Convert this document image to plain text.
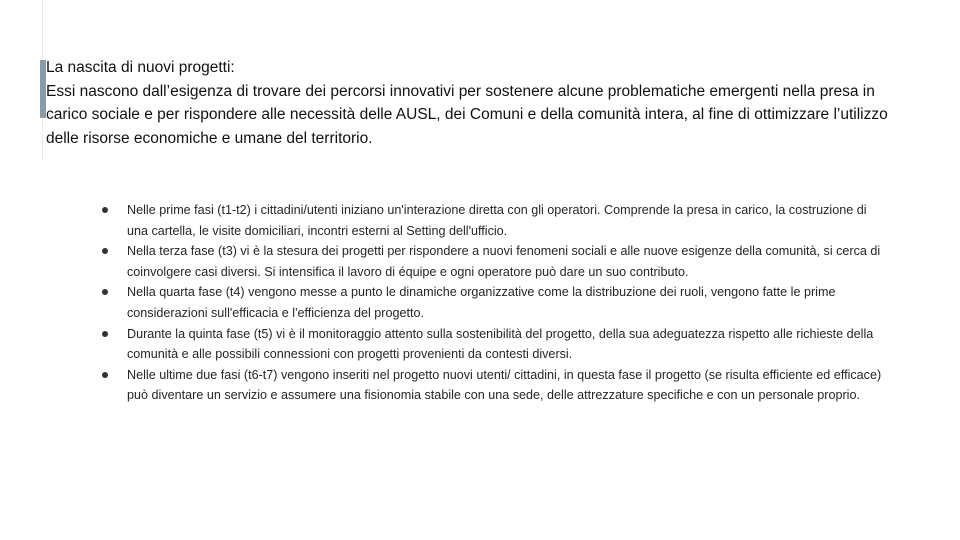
La nascita di nuovi progetti:
Essi nascono dall’esigenza di trovare dei percorsi innovativi per sostenere alcune problematiche emergenti nella presa in carico sociale e per rispondere alle necessità delle AUSL, dei Comuni e della comunità intera, al fine di ottimizzare l’utilizzo delle risorse economiche e umane del territorio.
Nelle prime fasi (t1-t2) i cittadini/utenti iniziano un'interazione diretta con gli operatori. Comprende la presa in carico, la costruzione di una cartella, le visite domiciliari, incontri esterni al Setting dell'ufficio.
Nella terza fase (t3) vi è la stesura dei progetti per rispondere a nuovi fenomeni sociali e alle nuove esigenze della comunità, si cerca di coinvolgere casi diversi. Si intensifica il lavoro di équipe e ogni operatore può dare un suo contributo.
Nella quarta fase (t4) vengono messe a punto le dinamiche organizzative come la distribuzione dei ruoli, vengono fatte le prime considerazioni sull'efficacia e l'efficienza del progetto.
Durante la quinta fase (t5) vi è il monitoraggio attento sulla sostenibilità del progetto, della sua adeguatezza rispetto alle richieste della comunità e alle possibili connessioni con progetti provenienti da contesti diversi.
Nelle ultime due fasi (t6-t7) vengono inseriti nel progetto nuovi utenti/ cittadini, in questa fase il progetto (se risulta efficiente ed efficace) può diventare un servizio e assumere una fisionomia stabile con una sede, delle attrezzature specifiche e con un personale proprio.
